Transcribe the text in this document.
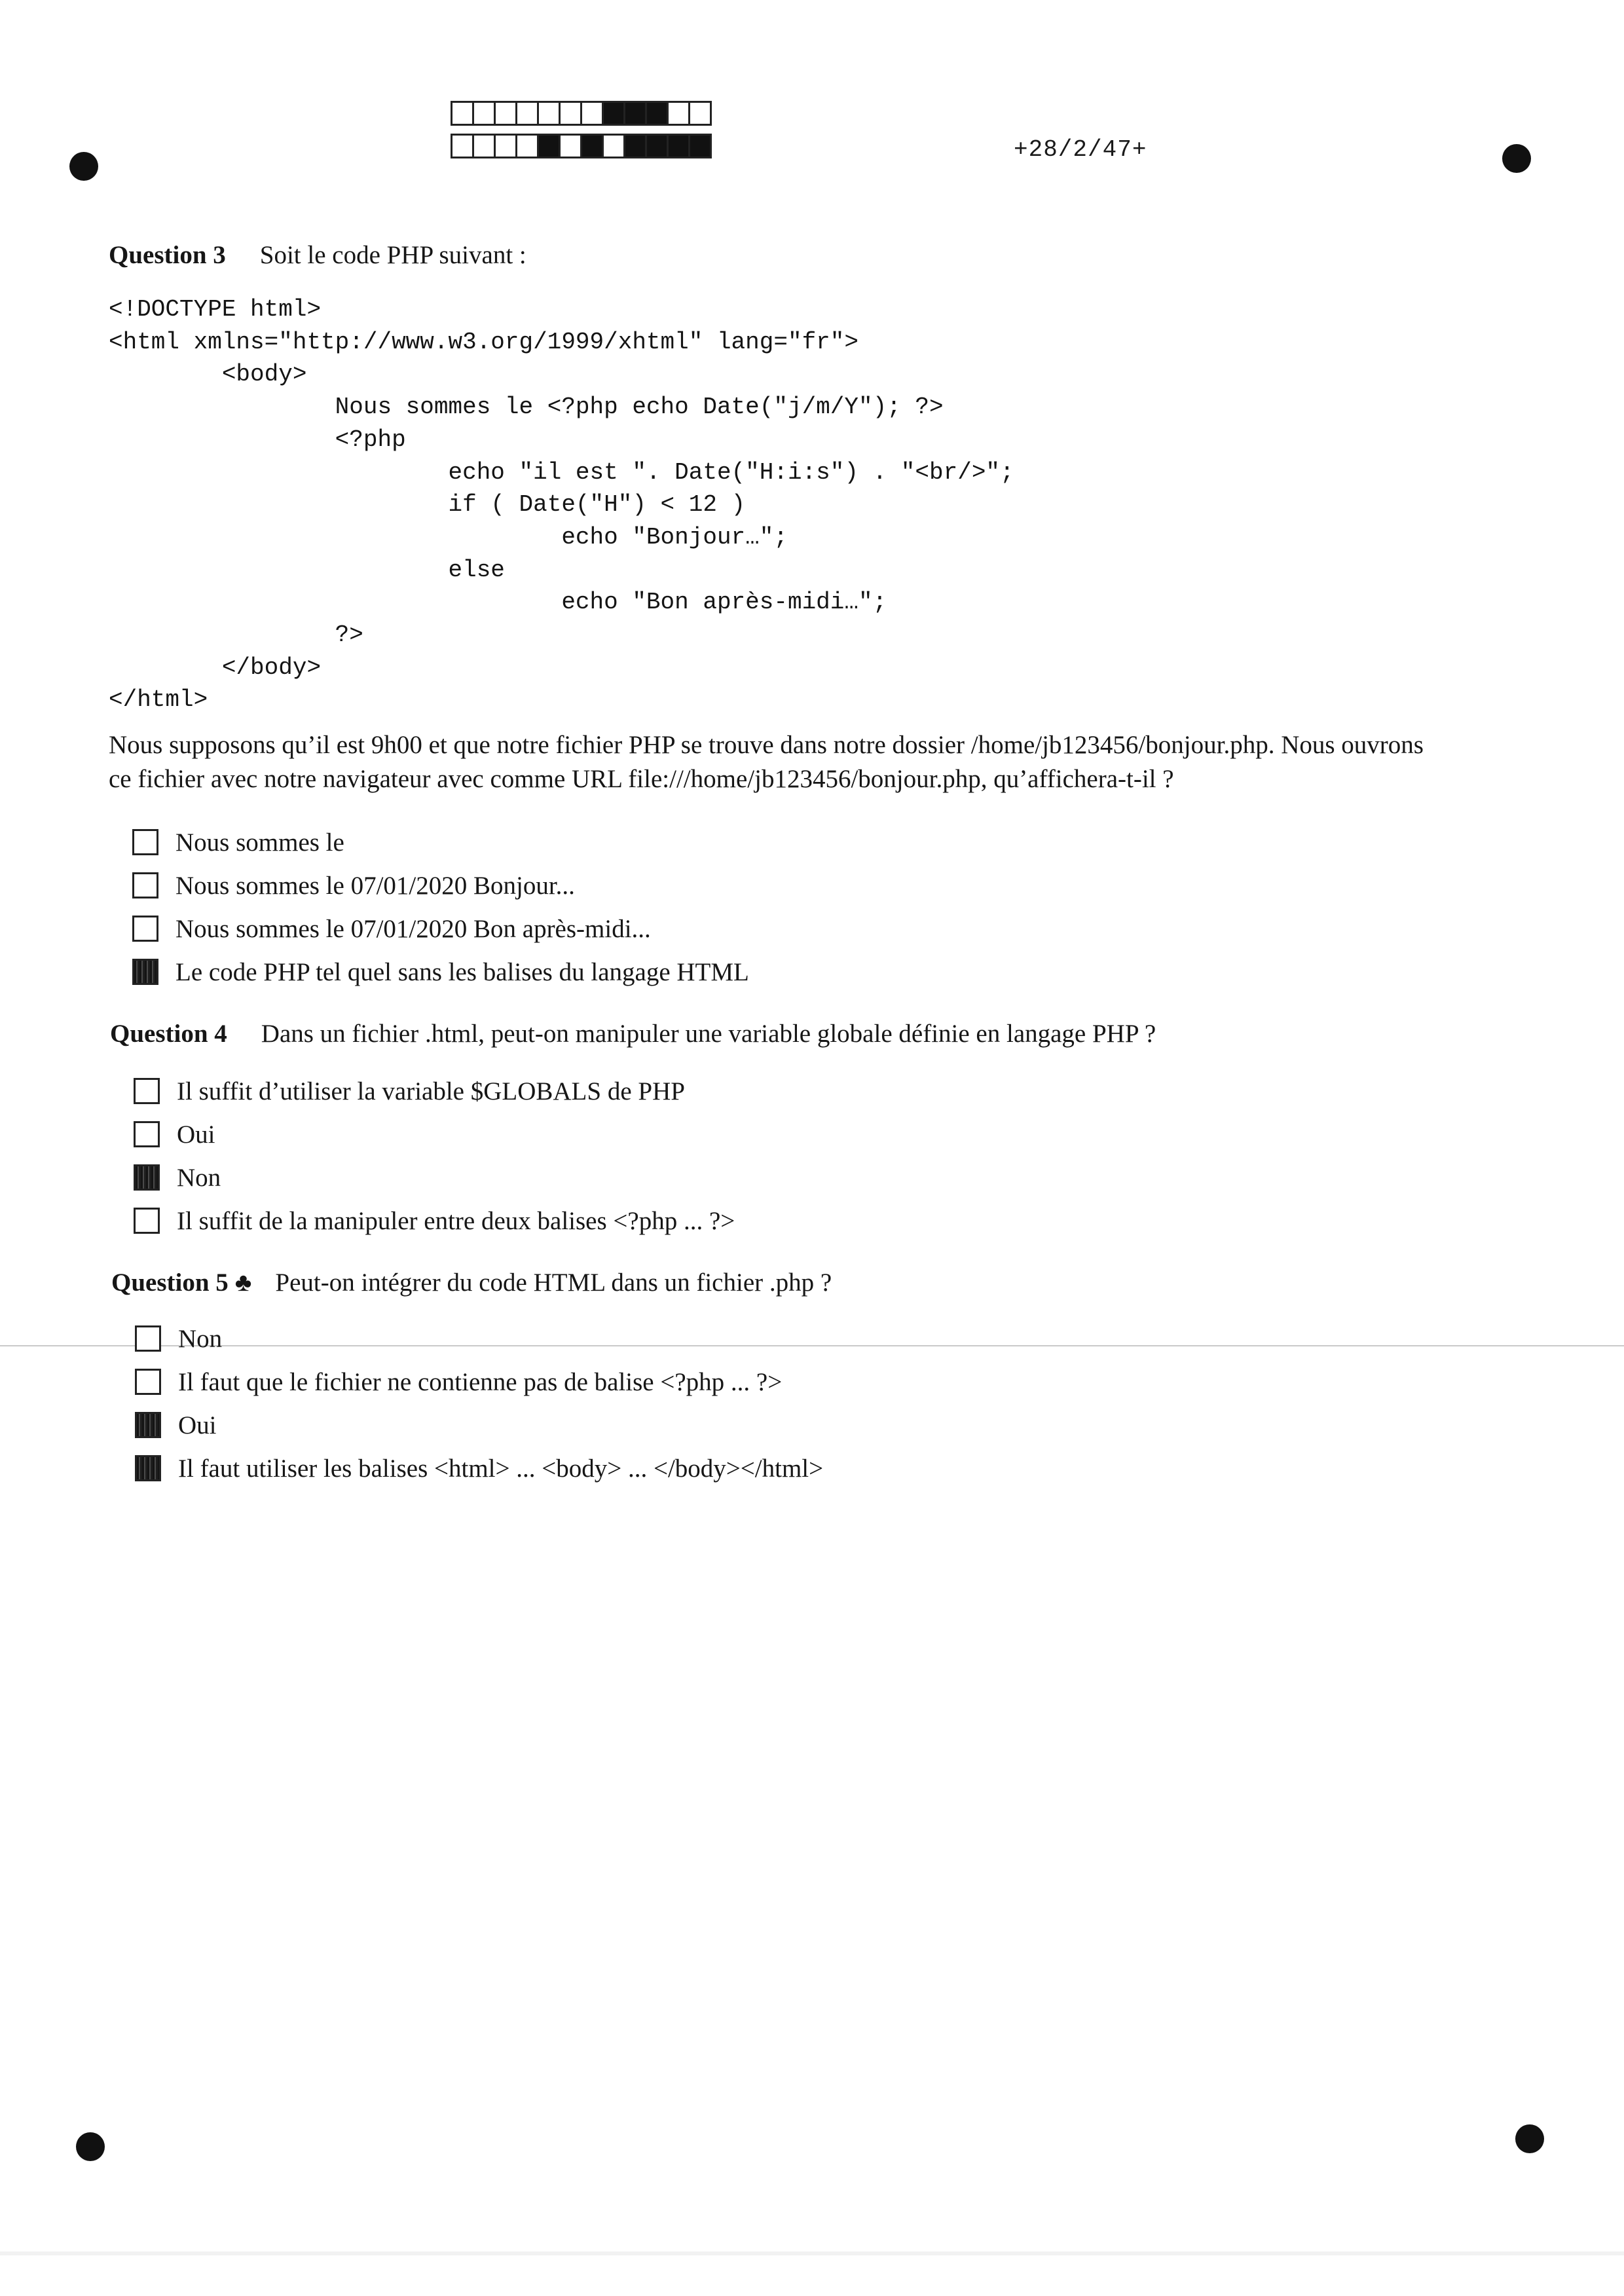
+28/2/47+
Question 3 Soit le code PHP suivant :
<!DOCTYPE html>
<html xmlns="http://www.w3.org/1999/xhtml" lang="fr">
<body>
Nous sommes le <?php echo Date("j/m/Y"); ?>
<?php
echo "il est ". Date("H:i:s") . "<br/>";
if ( Date("H") < 12 )
echo "Bonjour…";
else
echo "Bon après-midi…";
?>
</body>
</html>
Nous supposons qu’il est 9h00 et que notre fichier PHP se trouve dans notre dossier /home/jb123456/bonjour.php. Nous ouvrons
ce fichier avec notre navigateur avec comme URL file:///home/jb123456/bonjour.php, qu’affichera-t-il ?
Nous sommes le
Nous sommes le 07/01/2020 Bonjour...
Nous sommes le 07/01/2020 Bon après-midi...
Le code PHP tel quel sans les balises du langage HTML
Question 4 Dans un fichier .html, peut-on manipuler une variable globale définie en langage PHP ?
Il suffit d’utiliser la variable $GLOBALS de PHP
Oui
Non
Il suffit de la manipuler entre deux balises <?php ... ?>
Question 5 ♣ Peut-on intégrer du code HTML dans un fichier .php ?
Non
Il faut que le fichier ne contienne pas de balise <?php ... ?>
Oui
Il faut utiliser les balises <html> ... <body> ... </body></html>
